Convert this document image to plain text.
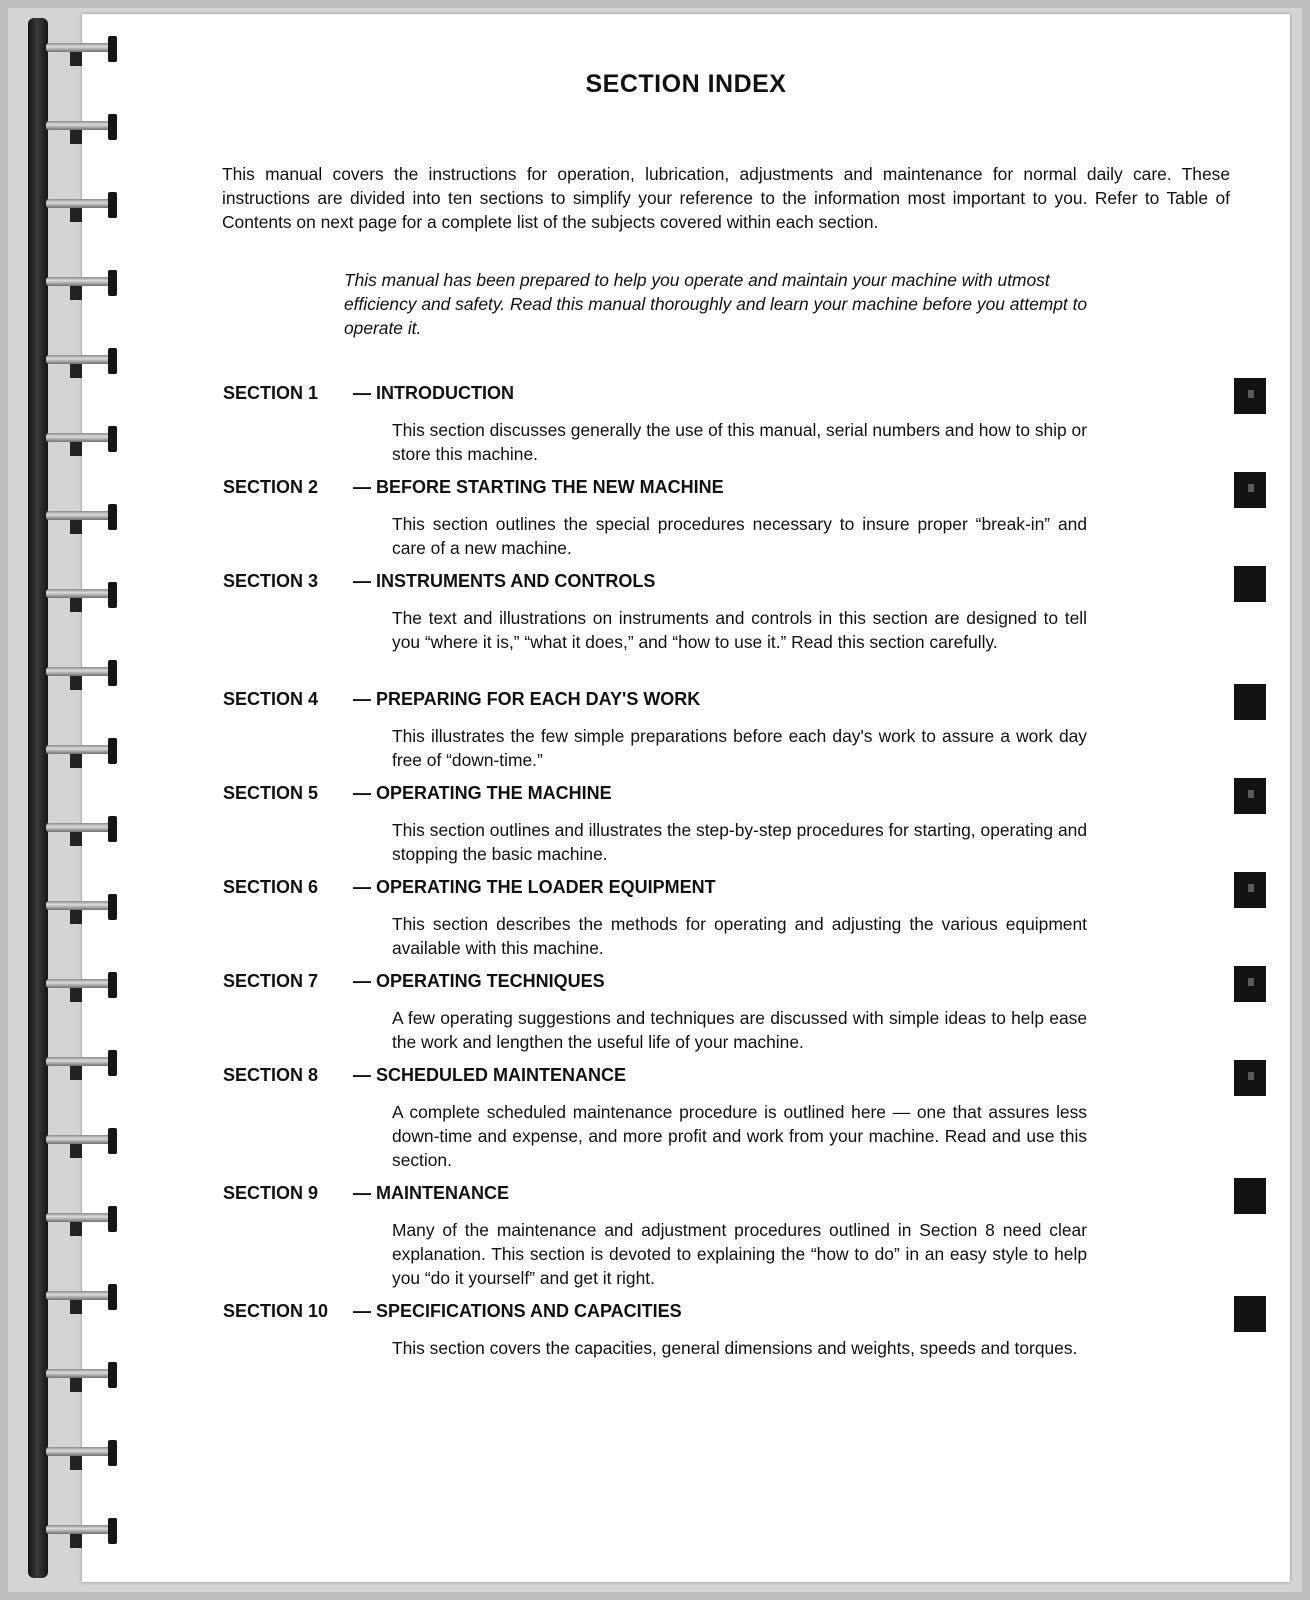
SECTION INDEX

This manual covers the instructions for operation, lubrication, adjustments and maintenance for normal daily care. These instructions are divided into ten sections to simplify your reference to the information most important to you. Refer to Table of Contents on next page for a complete list of the subjects covered within each section.

This manual has been prepared to help you operate and maintain your machine with utmost efficiency and safety. Read this manual thoroughly and learn your machine before you attempt to operate it.

SECTION 1 — INTRODUCTION

This section discusses generally the use of this manual, serial numbers and how to ship or store this machine.

SECTION 2 — BEFORE STARTING THE NEW MACHINE

This section outlines the special procedures necessary to insure proper “break-in” and care of a new machine.

SECTION 3 — INSTRUMENTS AND CONTROLS

The text and illustrations on instruments and controls in this section are designed to tell you “where it is,” “what it does,” and “how to use it.” Read this section carefully.

SECTION 4 — PREPARING FOR EACH DAY'S WORK

This illustrates the few simple preparations before each day's work to assure a work day free of “down-time.”

SECTION 5 — OPERATING THE MACHINE

This section outlines and illustrates the step-by-step procedures for starting, operating and stopping the basic machine.

SECTION 6 — OPERATING THE LOADER EQUIPMENT

This section describes the methods for operating and adjusting the various equipment available with this machine.

SECTION 7 — OPERATING TECHNIQUES

A few operating suggestions and techniques are discussed with simple ideas to help ease the work and lengthen the useful life of your machine.

SECTION 8 — SCHEDULED MAINTENANCE

A complete scheduled maintenance procedure is outlined here — one that assures less down-time and expense, and more profit and work from your machine. Read and use this section.

SECTION 9 — MAINTENANCE

Many of the maintenance and adjustment procedures outlined in Section 8 need clear explanation. This section is devoted to explaining the “how to do” in an easy style to help you “do it yourself” and get it right.

SECTION 10 — SPECIFICATIONS AND CAPACITIES

This section covers the capacities, general dimensions and weights, speeds and torques.
